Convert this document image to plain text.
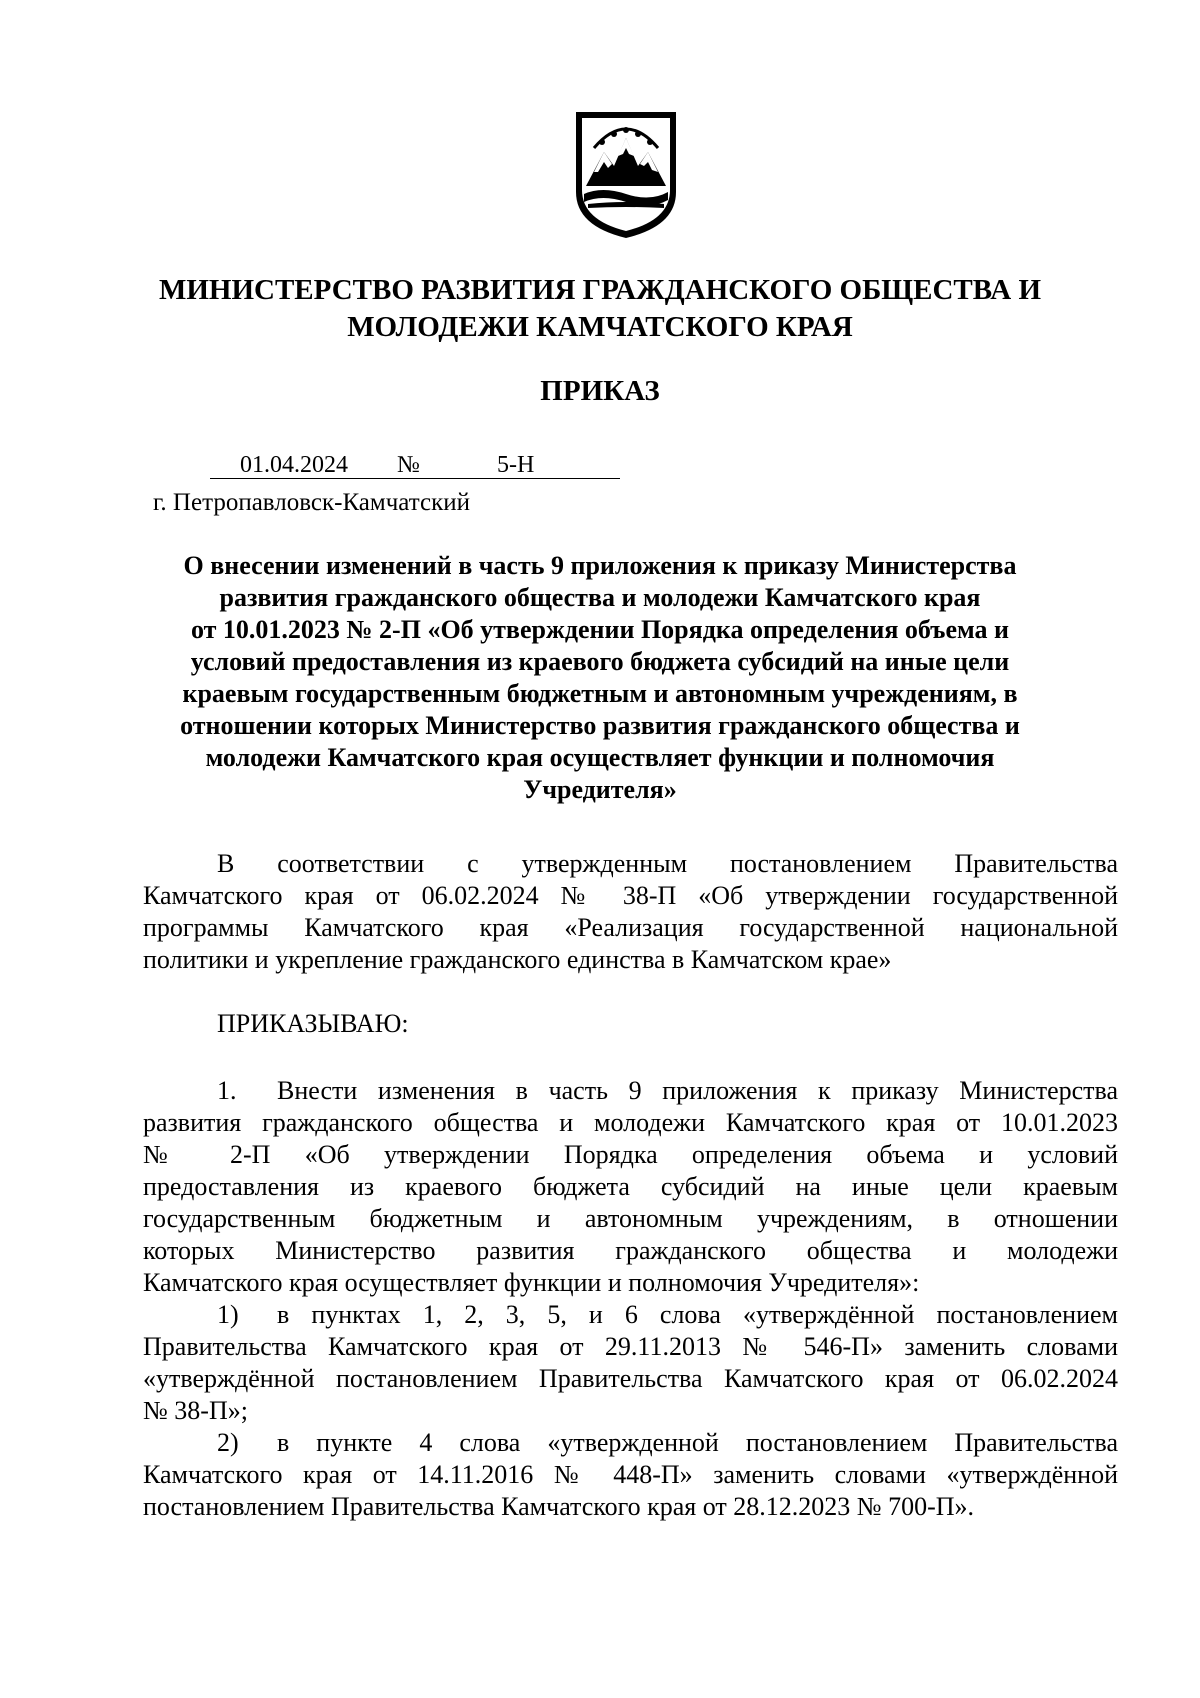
МИНИСТЕРСТВО РАЗВИТИЯ ГРАЖДАНСКОГО ОБЩЕСТВА И
МОЛОДЕЖИ КАМЧАТСКОГО КРАЯ
ПРИКАЗ
01.04.2024 №	5-Н
г. Петропавловск-Камчатский
О внесении изменений в часть 9 приложения к приказу Министерства
развития гражданского общества и молодежи Камчатского края
от 10.01.2023 № 2-П «Об утверждении Порядка определения объема и
условий предоставления из краевого бюджета субсидий на иные цели
краевым государственным бюджетным и автономным учреждениям, в
отношении которых Министерство развития гражданского общества и
молодежи Камчатского края осуществляет функции и полномочия
Учредителя»
В соответствии с утвержденным постановлением Правительства
Камчатского края от 06.02.2024 № 38-П «Об утверждении государственной
программы Камчатского края «Реализация государственной национальной
политики и укрепление гражданского единства в Камчатском крае»
ПРИКАЗЫВАЮ:
1.	Внести изменения в часть 9 приложения к приказу Министерства
развития гражданского общества и молодежи Камчатского края от 10.01.2023
№ 2-П «Об утверждении Порядка определения объема и условий
предоставления из краевого бюджета субсидий на иные цели краевым
государственным бюджетным и автономным учреждениям, в отношении
которых Министерство развития гражданского общества и молодежи
Камчатского края осуществляет функции и полномочия Учредителя»:
1)	в пунктах 1, 2, 3, 5, и 6 слова «утверждённой постановлением
Правительства Камчатского края от 29.11.2013 № 546-П» заменить словами
«утверждённой постановлением Правительства Камчатского края от 06.02.2024
№ 38-П»;
2)	в пункте 4 слова «утвержденной постановлением Правительства
Камчатского края от 14.11.2016 № 448-П» заменить словами «утверждённой
постановлением Правительства Камчатского края от 28.12.2023 № 700-П».
